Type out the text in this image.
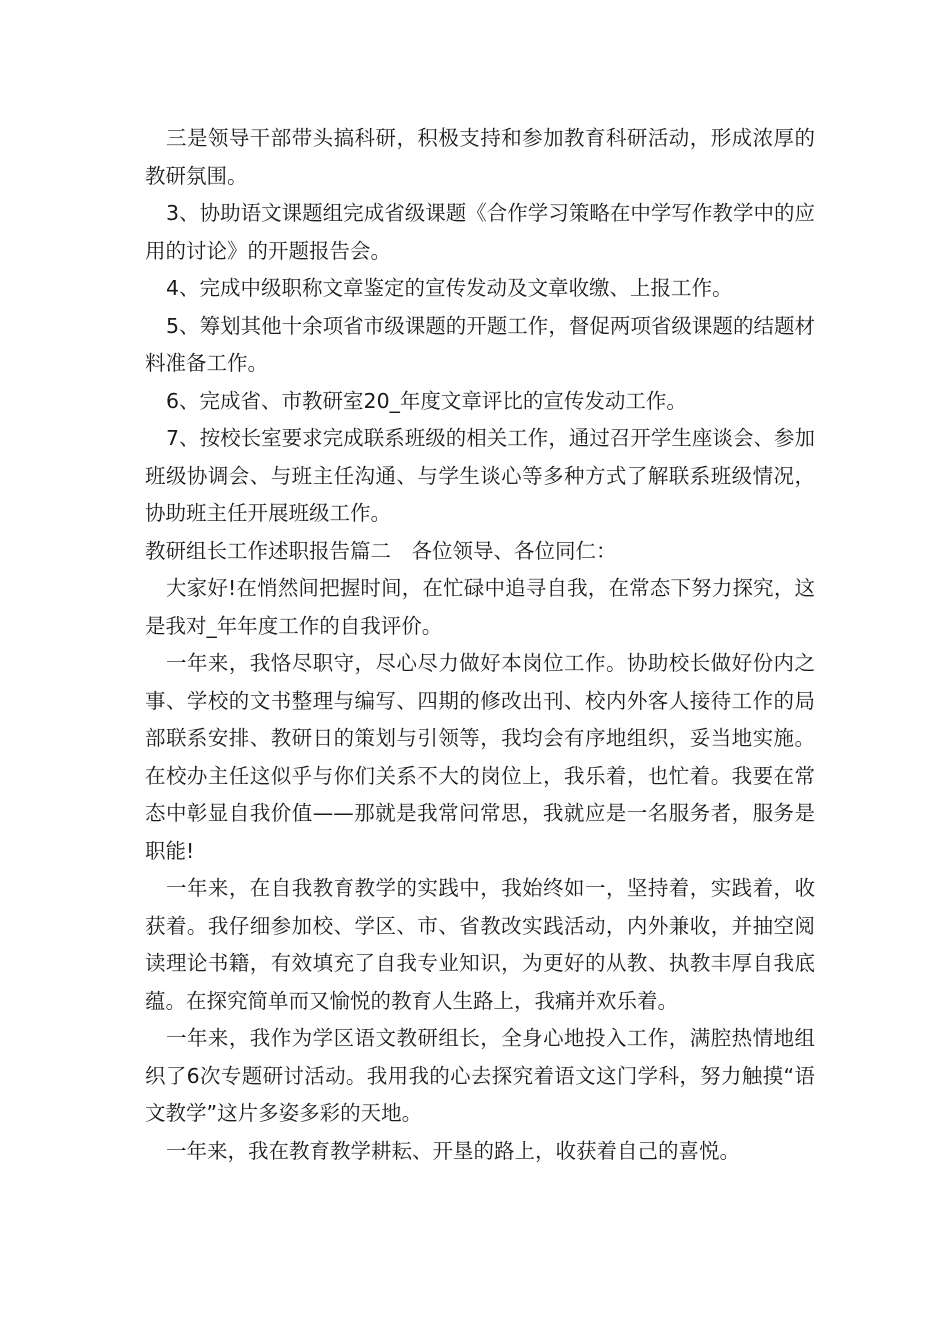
三是领导干部带头搞科研，积极支持和参加教育科研活动，形成浓厚的教研氛围。

3、协助语文课题组完成省级课题《合作学习策略在中学写作教学中的应用的讨论》的开题报告会。

4、完成中级职称文章鉴定的宣传发动及文章收缴、上报工作。

5、筹划其他十余项省市级课题的开题工作，督促两项省级课题的结题材料准备工作。

6、完成省、市教研室20_年度文章评比的宣传发动工作。

7、按校长室要求完成联系班级的相关工作，通过召开学生座谈会、参加班级协调会、与班主任沟通、与学生谈心等多种方式了解联系班级情况，协助班主任开展班级工作。

教研组长工作述职报告篇二　各位领导、各位同仁：

大家好!在悄然间把握时间，在忙碌中追寻自我，在常态下努力探究，这是我对_年年度工作的自我评价。

一年来，我恪尽职守，尽心尽力做好本岗位工作。协助校长做好份内之事、学校的文书整理与编写、四期的修改出刊、校内外客人接待工作的局部联系安排、教研日的策划与引领等，我均会有序地组织，妥当地实施。在校办主任这似乎与你们关系不大的岗位上，我乐着，也忙着。我要在常态中彰显自我价值——那就是我常问常思，我就应是一名服务者，服务是职能!

一年来，在自我教育教学的实践中，我始终如一，坚持着，实践着，收获着。我仔细参加校、学区、市、省教改实践活动，内外兼收，并抽空阅读理论书籍，有效填充了自我专业知识，为更好的从教、执教丰厚自我底蕴。在探究简单而又愉悦的教育人生路上，我痛并欢乐着。

一年来，我作为学区语文教研组长，全身心地投入工作，满腔热情地组织了6次专题研讨活动。我用我的心去探究着语文这门学科，努力触摸“语文教学”这片多姿多彩的天地。

一年来，我在教育教学耕耘、开垦的路上，收获着自己的喜悦。
